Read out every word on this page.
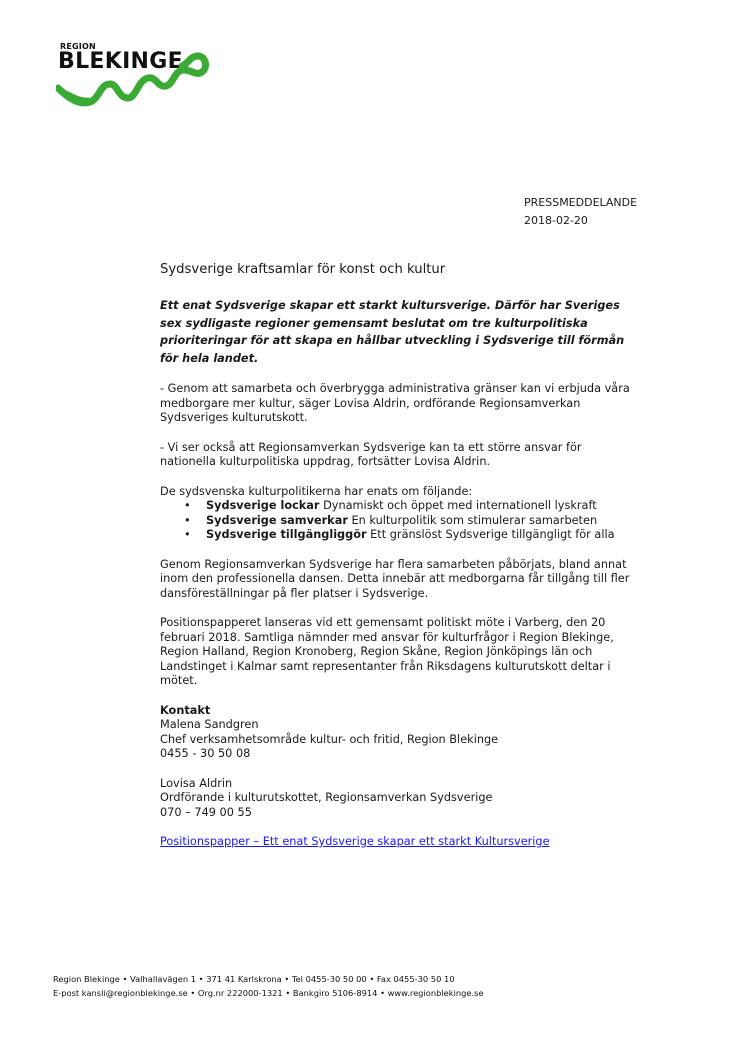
REGION
BLEKINGE
PRESSMEDDELANDE
2018-02-20
Sydsverige kraftsamlar för konst och kultur

Ett enat Sydsverige skapar ett starkt kultursverige. Därför har Sveriges sex sydligaste regioner gemensamt beslutat om tre kulturpolitiska prioriteringar för att skapa en hållbar utveckling i Sydsverige till förmån för hela landet.

- Genom att samarbeta och överbrygga administrativa gränser kan vi erbjuda våra medborgare mer kultur, säger Lovisa Aldrin, ordförande Regionsamverkan Sydsveriges kulturutskott.

- Vi ser också att Regionsamverkan Sydsverige kan ta ett större ansvar för nationella kulturpolitiska uppdrag, fortsätter Lovisa Aldrin.

De sydsvenska kulturpolitikerna har enats om följande:
• Sydsverige lockar Dynamiskt och öppet med internationell lyskraft
• Sydsverige samverkar En kulturpolitik som stimulerar samarbeten
• Sydsverige tillgängliggör Ett gränslöst Sydsverige tillgängligt för alla

Genom Regionsamverkan Sydsverige har flera samarbeten påbörjats, bland annat inom den professionella dansen. Detta innebär att medborgarna får tillgång till fler dansföreställningar på fler platser i Sydsverige.

Positionspapperet lanseras vid ett gemensamt politiskt möte i Varberg, den 20 februari 2018. Samtliga nämnder med ansvar för kulturfrågor i Region Blekinge, Region Halland, Region Kronoberg, Region Skåne, Region Jönköpings län och Landstinget i Kalmar samt representanter från Riksdagens kulturutskott deltar i mötet.

Kontakt
Malena Sandgren
Chef verksamhetsområde kultur- och fritid, Region Blekinge
0455 - 30 50 08

Lovisa Aldrin
Ordförande i kulturutskottet, Regionsamverkan Sydsverige
070 – 749 00 55

Positionspapper – Ett enat Sydsverige skapar ett starkt Kultursverige

Region Blekinge • Valhallavägen 1 • 371 41 Karlskrona • Tel 0455-30 50 00 • Fax 0455-30 50 10
E-post kansli@regionblekinge.se • Org.nr 222000-1321 • Bankgiro 5106-8914 • www.regionblekinge.se
